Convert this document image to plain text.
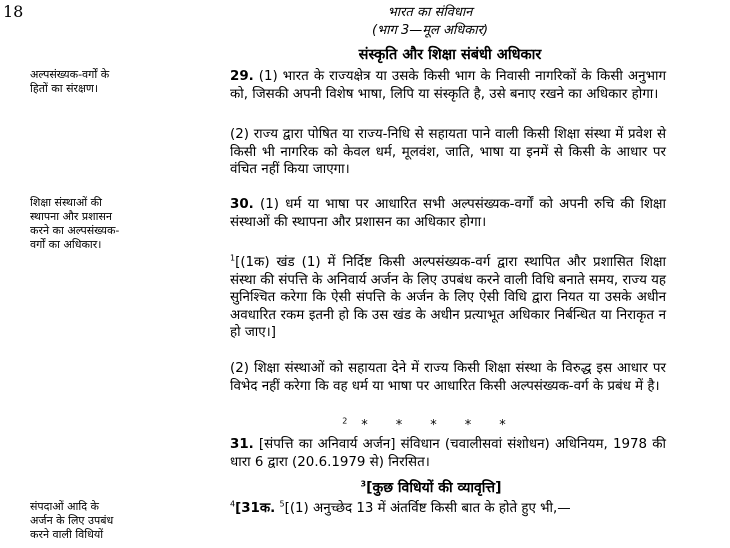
18	भारत का संविधान
(भाग 3—मूल अधिकार)
संस्कृति और शिक्षा संबंधी अधिकार
अल्पसंख्यक-वर्गों के
हितों का संरक्षण।
शिक्षा संस्थाओं की
स्थापना और प्रशासन
करने का अल्पसंख्यक-
वर्गों का अधिकार।
संपदाओं आदि के
अर्जन के लिए उपबंध
करने वाली विधियों

29. (1) भारत के राज्यक्षेत्र या उसके किसी भाग के निवासी नागरिकों के किसी अनुभाग को, जिसकी अपनी विशेष भाषा, लिपि या संस्कृति है, उसे बनाए रखने का अधिकार होगा।

(2) राज्य द्वारा पोषित या राज्य-निधि से सहायता पाने वाली किसी शिक्षा संस्था में प्रवेश से किसी भी नागरिक को केवल धर्म, मूलवंश, जाति, भाषा या इनमें से किसी के आधार पर वंचित नहीं किया जाएगा।

30. (1) धर्म या भाषा पर आधारित सभी अल्पसंख्यक-वर्गों को अपनी रुचि की शिक्षा संस्थाओं की स्थापना और प्रशासन का अधिकार होगा।

$^1$[(1क) खंड (1) में निर्दिष्ट किसी अल्पसंख्यक-वर्ग द्वारा स्थापित और प्रशासित शिक्षा संस्था की संपत्ति के अनिवार्य अर्जन के लिए उपबंध करने वाली विधि बनाते समय, राज्य यह सुनिश्चित करेगा कि ऐसी संपत्ति के अर्जन के लिए ऐसी विधि द्वारा नियत या उसके अधीन अवधारित रकम इतनी हो कि उस खंड के अधीन प्रत्याभूत अधिकार निर्बन्धित या निराकृत न हो जाए।]

(2) शिक्षा संस्थाओं को सहायता देने में राज्य किसी शिक्षा संस्था के विरुद्ध इस आधार पर विभेद नहीं करेगा कि वह धर्म या भाषा पर आधारित किसी अल्पसंख्यक-वर्ग के प्रबंध में है।

$^2$ * * * * *

31. [संपत्ति का अनिवार्य अर्जन] संविधान (चवालीसवां संशोधन) अधिनियम, 1978 की धारा 6 द्वारा (20.6.1979 से) निरसित।

$^3$[कुछ विधियों की व्यावृत्ति]

$^4$[31क. $^5$[(1) अनुच्छेद 13 में अंतर्विष्ट किसी बात के होते हुए भी,—
